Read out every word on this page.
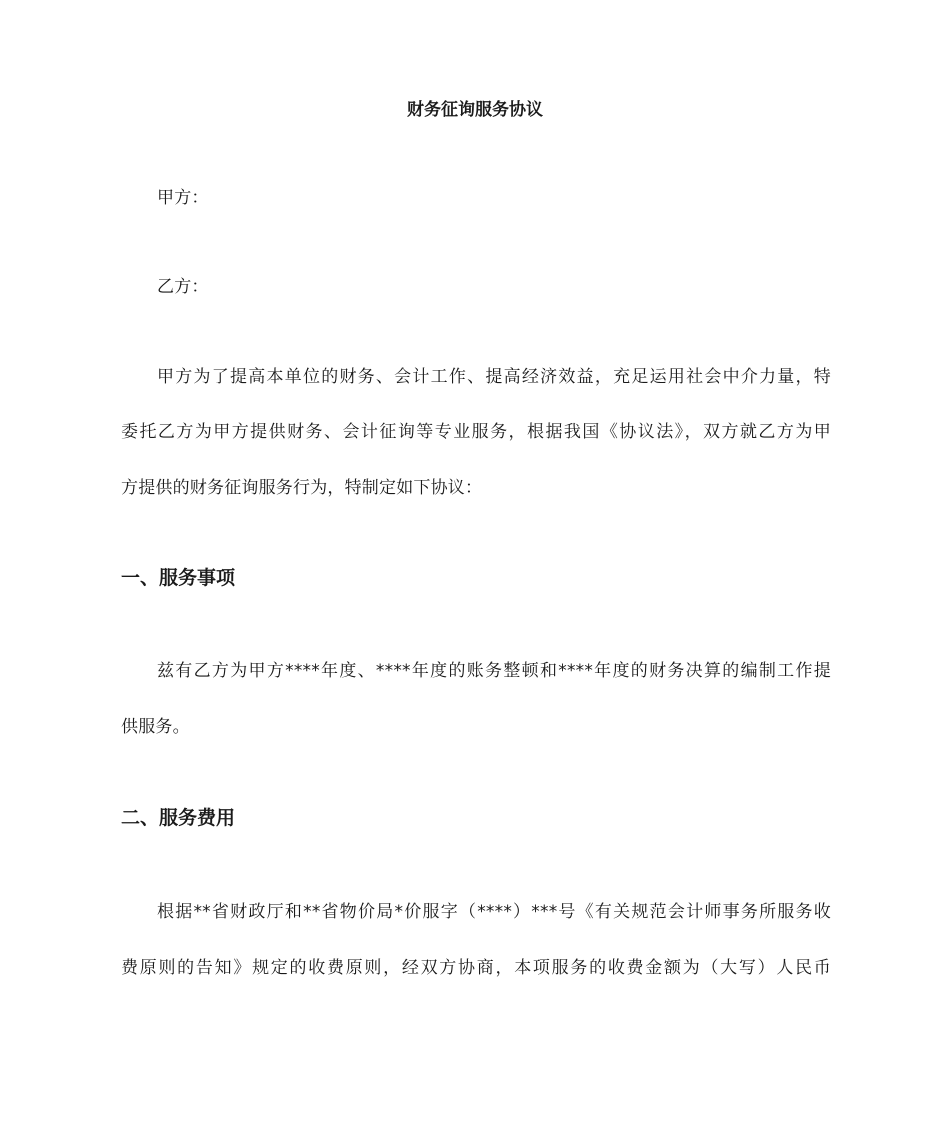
财务征询服务协议
甲方：
乙方：
甲方为了提高本单位的财务、会计工作、提高经济效益，充足运用社会中介力量，特
委托乙方为甲方提供财务、会计征询等专业服务，根据我国《协议法》，双方就乙方为甲
方提供的财务征询服务行为，特制定如下协议：
一、服务事项
兹有乙方为甲方****年度、****年度的账务整顿和****年度的财务决算的编制工作提
供服务。
二、服务费用
根据**省财政厅和**省物价局*价服字（****）***号《有关规范会计师事务所服务收
费原则的告知》规定的收费原则，经双方协商，本项服务的收费金额为（大写）人民币
